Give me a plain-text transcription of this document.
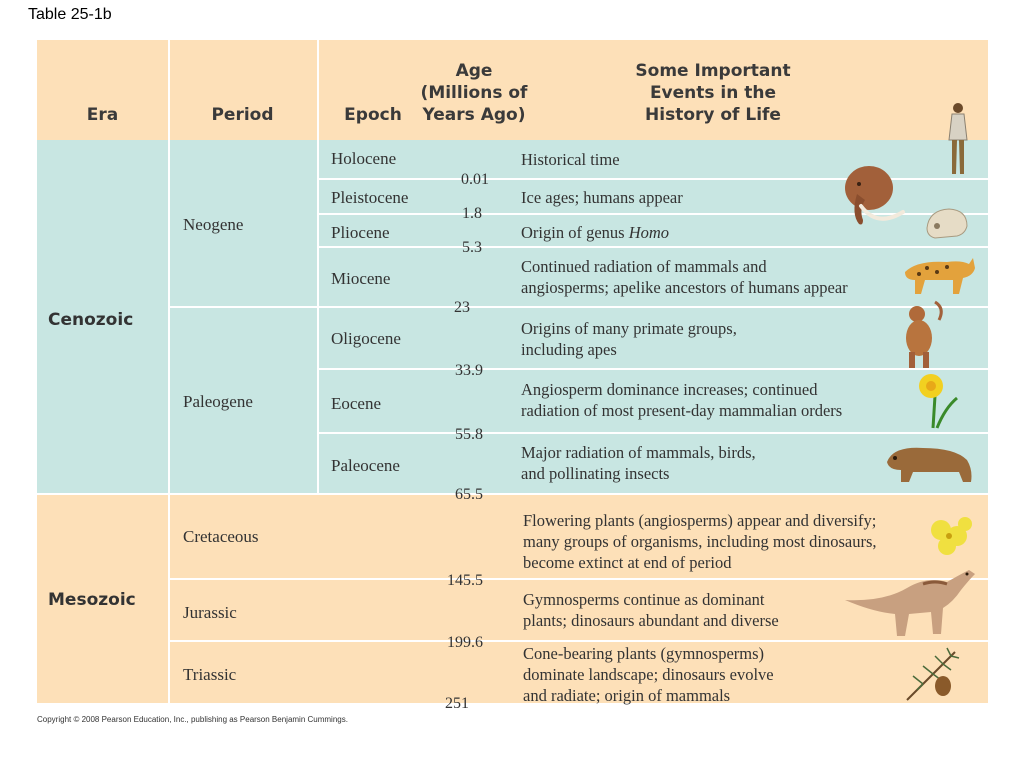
Table 25-1b
Era	Period	Epoch
Age
(Millions of
Years Ago)
Some Important
Events in the
History of Life
Cenozoic
Mesozoic
Neogene
Paleogene
Cretaceous
Jurassic
Triassic
Holocene
Pleistocene
Pliocene
Miocene
Oligocene
Eocene
Paleocene
0.01
1.8
5.3
23
33.9
55.8
65.5
145.5
199.6
251
Historical time
Ice ages; humans appear
Origin of genus Homo
Continued radiation of mammals and
angiosperms; apelike ancestors of humans appear
Origins of many primate groups,
including apes
Angiosperm dominance increases; continued
radiation of most present-day mammalian orders
Major radiation of mammals, birds,
and pollinating insects
Flowering plants (angiosperms) appear and diversify;
many groups of organisms, including most dinosaurs,
become extinct at end of period
Gymnosperms continue as dominant
plants; dinosaurs abundant and diverse
Cone-bearing plants (gymnosperms)
dominate landscape; dinosaurs evolve
and radiate; origin of mammals
Copyright © 2008 Pearson Education, Inc., publishing as Pearson Benjamin Cummings.
